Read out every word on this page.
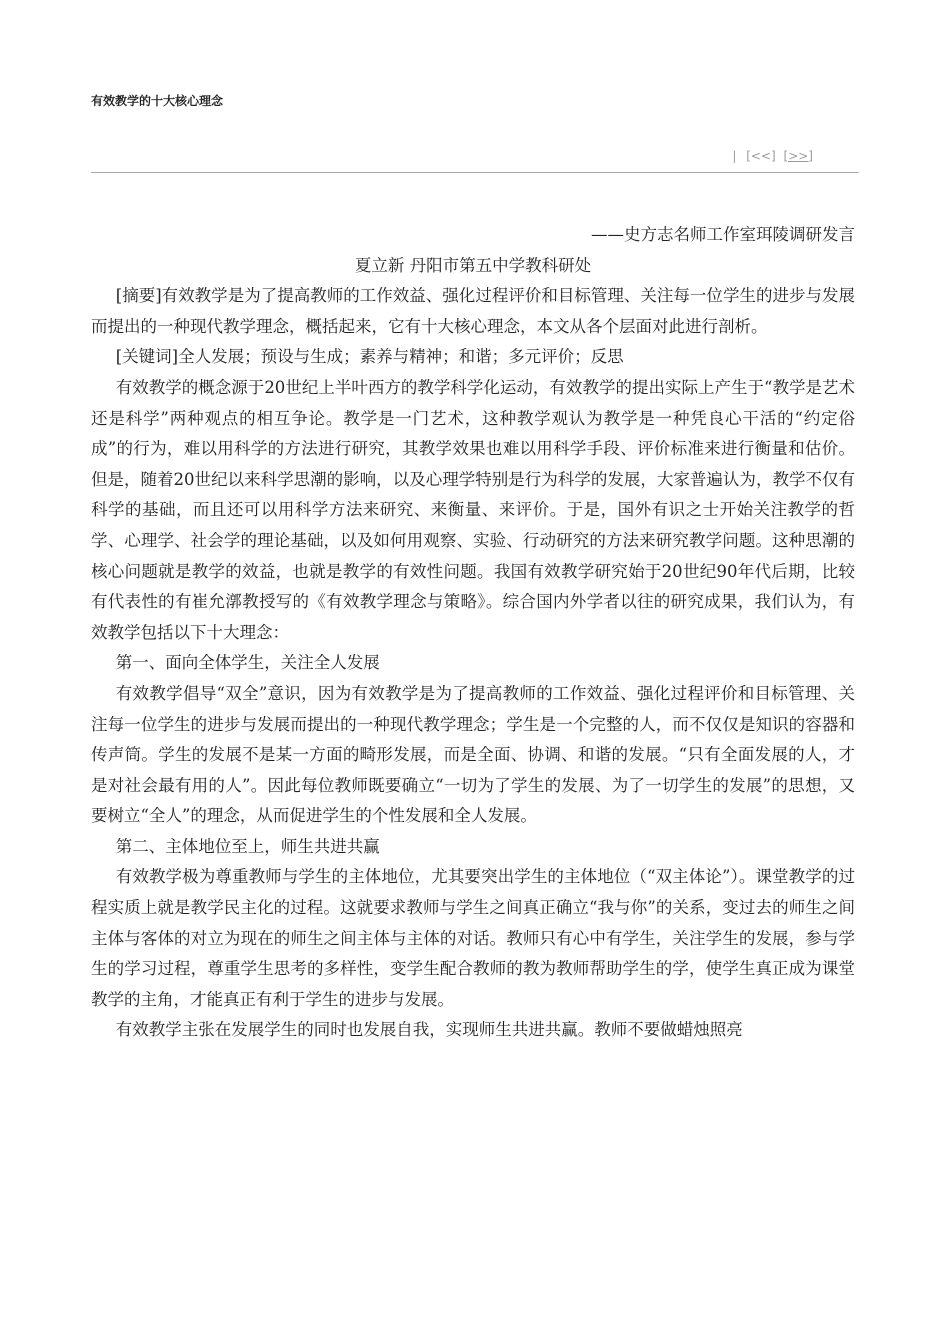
有效教学的十大核心理念
| [<<] [>>]

——史方志名师工作室珥陵调研发言

夏立新 丹阳市第五中学教科研处

[摘要]有效教学是为了提高教师的工作效益、强化过程评价和目标管理、关注每一位学生的进步与发展而提出的一种现代教学理念，概括起来，它有十大核心理念，本文从各个层面对此进行剖析。

[关键词]全人发展；预设与生成；素养与精神；和谐；多元评价；反思

有效教学的概念源于20世纪上半叶西方的教学科学化运动，有效教学的提出实际上产生于“教学是艺术还是科学”两种观点的相互争论。教学是一门艺术，这种教学观认为教学是一种凭良心干活的“约定俗成”的行为，难以用科学的方法进行研究，其教学效果也难以用科学手段、评价标准来进行衡量和估价。但是，随着20世纪以来科学思潮的影响，以及心理学特别是行为科学的发展，大家普遍认为，教学不仅有科学的基础，而且还可以用科学方法来研究、来衡量、来评价。于是，国外有识之士开始关注教学的哲学、心理学、社会学的理论基础，以及如何用观察、实验、行动研究的方法来研究教学问题。这种思潮的核心问题就是教学的效益，也就是教学的有效性问题。我国有效教学研究始于20世纪90年代后期，比较有代表性的有崔允漷教授写的《有效教学理念与策略》。综合国内外学者以往的研究成果，我们认为，有效教学包括以下十大理念：

第一、面向全体学生，关注全人发展

有效教学倡导“双全”意识，因为有效教学是为了提高教师的工作效益、强化过程评价和目标管理、关注每一位学生的进步与发展而提出的一种现代教学理念；学生是一个完整的人，而不仅仅是知识的容器和传声筒。学生的发展不是某一方面的畸形发展，而是全面、协调、和谐的发展。“只有全面发展的人，才是对社会最有用的人”。因此每位教师既要确立“一切为了学生的发展、为了一切学生的发展”的思想，又要树立“全人”的理念，从而促进学生的个性发展和全人发展。

第二、主体地位至上，师生共进共赢

有效教学极为尊重教师与学生的主体地位，尤其要突出学生的主体地位（“双主体论”）。课堂教学的过程实质上就是教学民主化的过程。这就要求教师与学生之间真正确立“我与你”的关系，变过去的师生之间主体与客体的对立为现在的师生之间主体与主体的对话。教师只有心中有学生，关注学生的发展，参与学生的学习过程，尊重学生思考的多样性，变学生配合教师的教为教师帮助学生的学，使学生真正成为课堂教学的主角，才能真正有利于学生的进步与发展。

有效教学主张在发展学生的同时也发展自我，实现师生共进共赢。教师不要做蜡烛照亮
